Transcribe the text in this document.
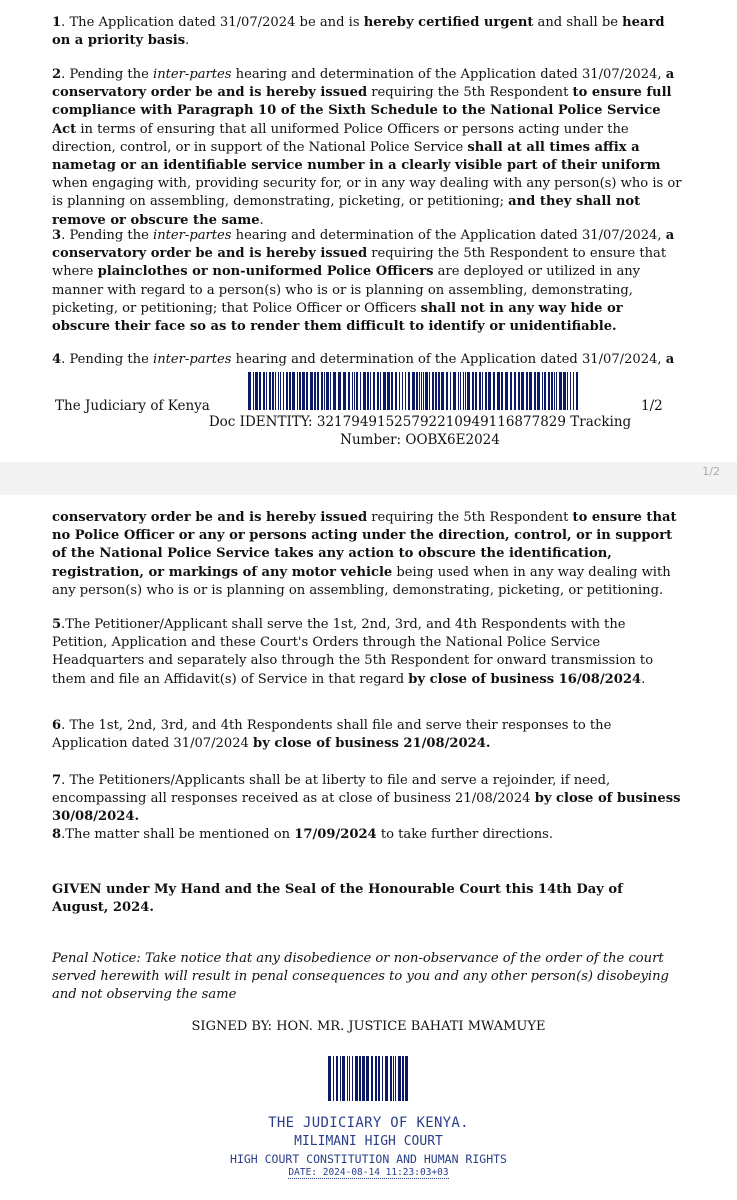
1. The Application dated 31/07/2024 be and is hereby certified urgent and shall be heard on a priority basis.

2. Pending the inter-partes hearing and determination of the Application dated 31/07/2024, a conservatory order be and is hereby issued requiring the 5th Respondent to ensure full compliance with Paragraph 10 of the Sixth Schedule to the National Police Service Act in terms of ensuring that all uniformed Police Officers or persons acting under the direction, control, or in support of the National Police Service shall at all times affix a nametag or an identifiable service number in a clearly visible part of their uniform when engaging with, providing security for, or in any way dealing with any person(s) who is or is planning on assembling, demonstrating, picketing, or petitioning; and they shall not remove or obscure the same.

3. Pending the inter-partes hearing and determination of the Application dated 31/07/2024, a conservatory order be and is hereby issued requiring the 5th Respondent to ensure that where plainclothes or non-uniformed Police Officers are deployed or utilized in any manner with regard to a person(s) who is or is planning on assembling, demonstrating, picketing, or petitioning; that Police Officer or Officers shall not in any way hide or obscure their face so as to render them difficult to identify or unidentifiable.

4. Pending the inter-partes hearing and determination of the Application dated 31/07/2024, a

The Judiciary of Kenya	1/2
Doc IDENTITY: 32179491525792210949116877829 Tracking Number: OOBX6E2024
1/2

conservatory order be and is hereby issued requiring the 5th Respondent to ensure that no Police Officer or any or persons acting under the direction, control, or in support of the National Police Service takes any action to obscure the identification, registration, or markings of any motor vehicle being used when in any way dealing with any person(s) who is or is planning on assembling, demonstrating, picketing, or petitioning.

5.The Petitioner/Applicant shall serve the 1st, 2nd, 3rd, and 4th Respondents with the Petition, Application and these Court's Orders through the National Police Service Headquarters and separately also through the 5th Respondent for onward transmission to them and file an Affidavit(s) of Service in that regard by close of business 16/08/2024.

6. The 1st, 2nd, 3rd, and 4th Respondents shall file and serve their responses to the Application dated 31/07/2024 by close of business 21/08/2024.

7. The Petitioners/Applicants shall be at liberty to file and serve a rejoinder, if need, encompassing all responses received as at close of business 21/08/2024 by close of business 30/08/2024.

8.The matter shall be mentioned on 17/09/2024 to take further directions.

GIVEN under My Hand and the Seal of the Honourable Court this 14th Day of August, 2024.

Penal Notice: Take notice that any disobedience or non-observance of the order of the court served herewith will result in penal consequences to you and any other person(s) disobeying and not observing the same

SIGNED BY: HON. MR. JUSTICE BAHATI MWAMUYE
THE JUDICIARY OF KENYA.
MILIMANI HIGH COURT
HIGH COURT CONSTITUTION AND HUMAN RIGHTS
DATE: 2024-08-14 11:23:03+03
